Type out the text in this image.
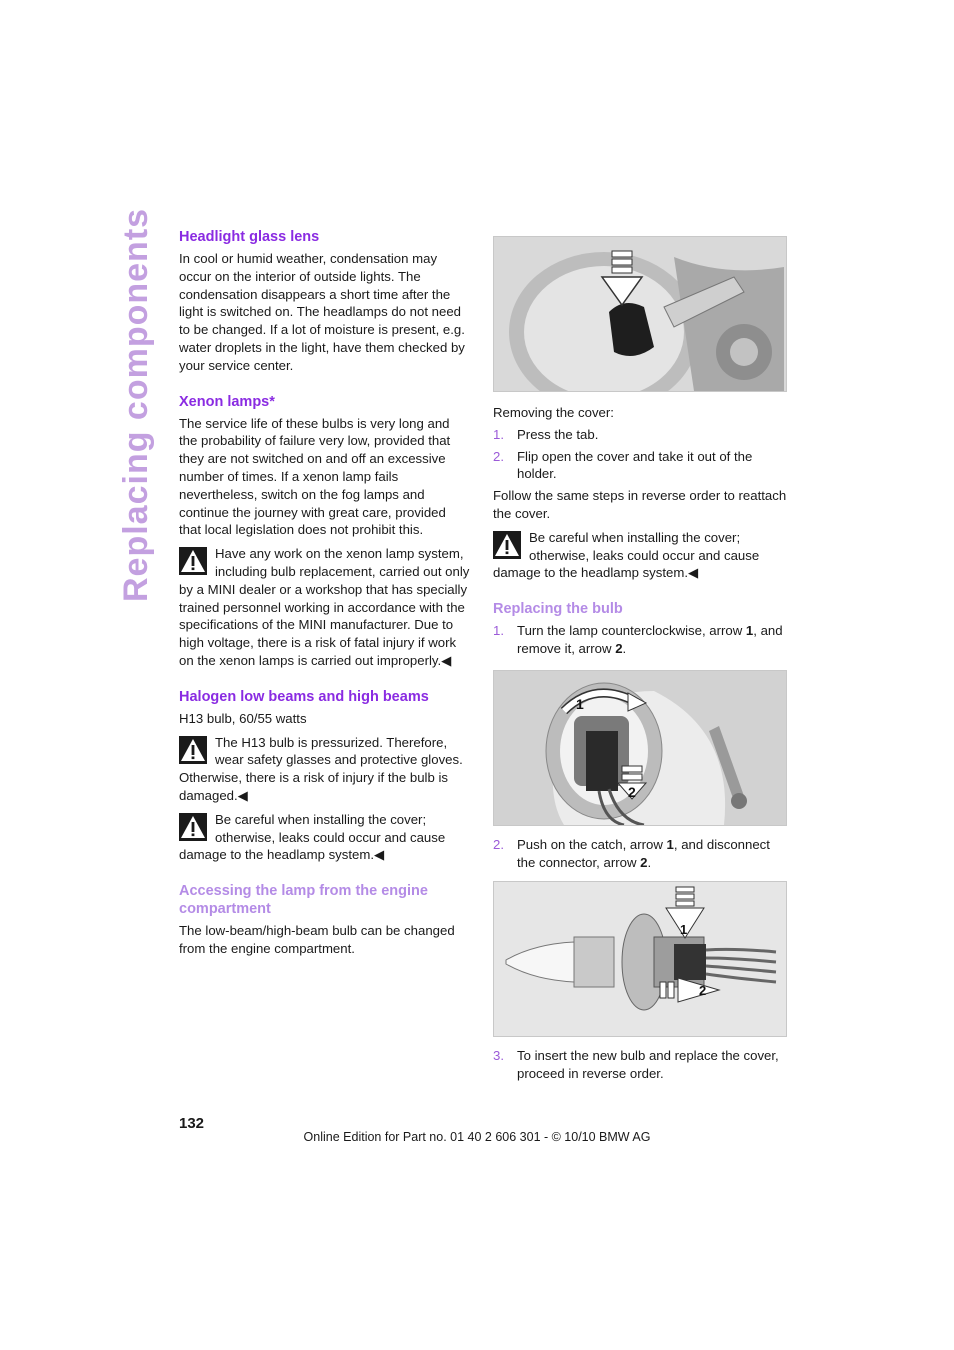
Replacing components Headlight glass lens

In cool or humid weather, condensation may occur on the interior of outside lights. The condensation disappears a short time after the light is switched on. The headlamps do not need to be changed. If a lot of moisture is present, e.g. water droplets in the light, have them checked by your service center.

Xenon lamps*

The service life of these bulbs is very long and the probability of failure very low, provided that they are not switched on and off an excessive number of times. If a xenon lamp fails nevertheless, switch on the fog lamps and continue the journey with great care, provided that local legislation does not prohibit this.

Have any work on the xenon lamp system, including bulb replacement, carried out only by a MINI dealer or a workshop that has specially trained personnel working in accordance with the specifications of the MINI manufacturer. Due to high voltage, there is a risk of fatal injury if work on the xenon lamps is carried out improperly.◀

Halogen low beams and high beams

H13 bulb, 60/55 watts

The H13 bulb is pressurized. Therefore, wear safety glasses and protective gloves. Otherwise, there is a risk of injury if the bulb is damaged.◀

Be careful when installing the cover; otherwise, leaks could occur and cause damage to the headlamp system.◀

Accessing the lamp from the engine compartment

The low-beam/high-beam bulb can be changed from the engine compartment.

Removing the cover:

1. Press the tab.
2. Flip open the cover and take it out of the holder.

Follow the same steps in reverse order to reattach the cover.

Be careful when installing the cover; otherwise, leaks could occur and cause damage to the headlamp system.◀

Replacing the bulb
1. Turn the lamp counterclockwise, arrow 1, and remove it, arrow 2.
1
2
2. Push on the catch, arrow 1, and disconnect the connector, arrow 2.
1
2
3. To insert the new bulb and replace the cover, proceed in reverse order.
132
Online Edition for Part no. 01 40 2 606 301 - © 10/10 BMW AG
